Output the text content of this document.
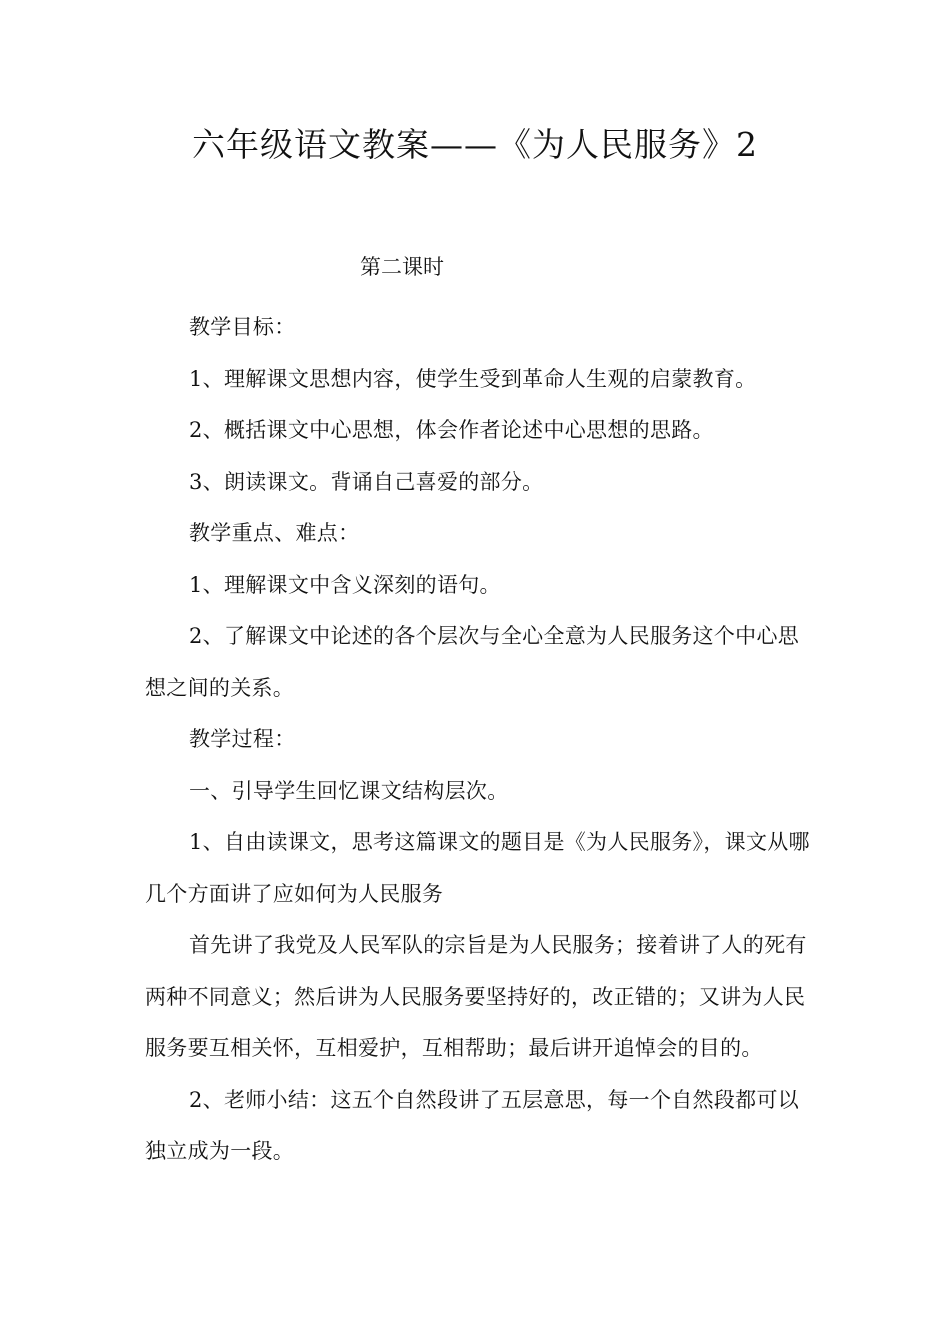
六年级语文教案——《为人民服务》2
第二课时

教学目标：

1、理解课文思想内容，使学生受到革命人生观的启蒙教育。

2、概括课文中心思想，体会作者论述中心思想的思路。

3、朗读课文。背诵自己喜爱的部分。

教学重点、难点：

1、理解课文中含义深刻的语句。

2、了解课文中论述的各个层次与全心全意为人民服务这个中心思想之间的关系。

教学过程：

一、引导学生回忆课文结构层次。

1、自由读课文，思考这篇课文的题目是《为人民服务》，课文从哪几个方面讲了应如何为人民服务

首先讲了我党及人民军队的宗旨是为人民服务；接着讲了人的死有两种不同意义；然后讲为人民服务要坚持好的，改正错的；又讲为人民服务要互相关怀，互相爱护，互相帮助；最后讲开追悼会的目的。

2、老师小结：这五个自然段讲了五层意思，每一个自然段都可以独立成为一段。
